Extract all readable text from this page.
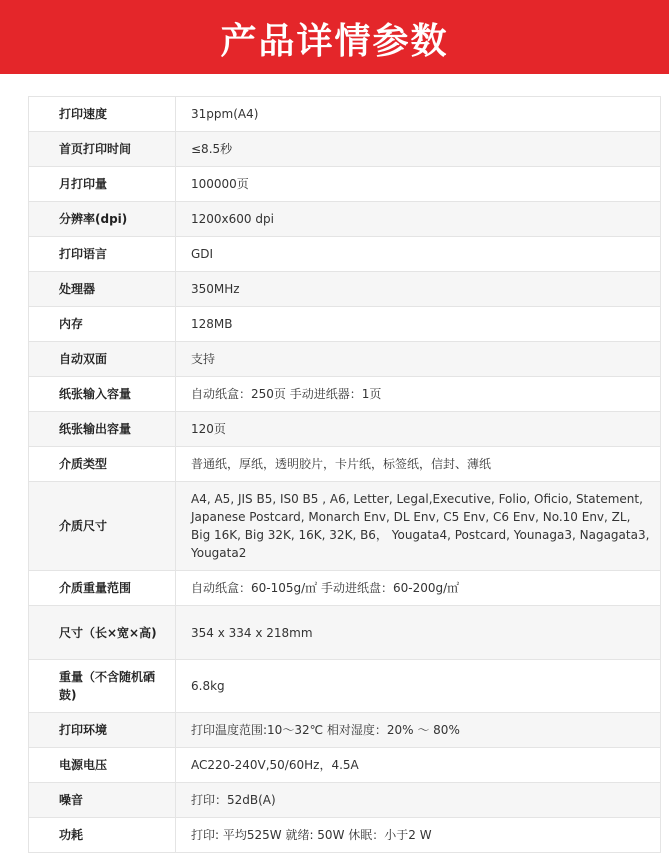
产品详情参数
打印速度	31ppm(A4)
首页打印时间	≤8.5秒
月打印量	100000页
分辨率(dpi)	1200x600 dpi
打印语言	GDI
处理器	350MHz
内存	128MB
自动双面	支持
纸张输入容量	自动纸盒：250页 手动进纸器：1页
纸张输出容量	120页
介质类型	普通纸，厚纸，透明胶片，卡片纸，标签纸，信封、薄纸
介质尺寸	A4, A5, JIS B5, IS0 B5 , A6, Letter, Legal,Executive, Folio, Oficio, Statement, Japanese Postcard, Monarch Env, DL Env, C5 Env, C6 Env, No.10 Env, ZL, Big 16K, Big 32K, 16K, 32K, B6， Yougata4, Postcard, Younaga3, Nagagata3, Yougata2
介质重量范围	自动纸盒：60-105g/㎡ 手动进纸盘：60-200g/㎡
尺寸（长×宽×高)	354 x 334 x 218mm
重量（不含随机硒鼓)	6.8kg
打印环境	打印温度范围:10～32℃ 相对湿度：20% ～ 80%
电源电压	AC220-240V,50/60Hz，4.5A
噪音	打印：52dB(A)
功耗	打印: 平均525W 就绪: 50W 休眠：小于2 W
